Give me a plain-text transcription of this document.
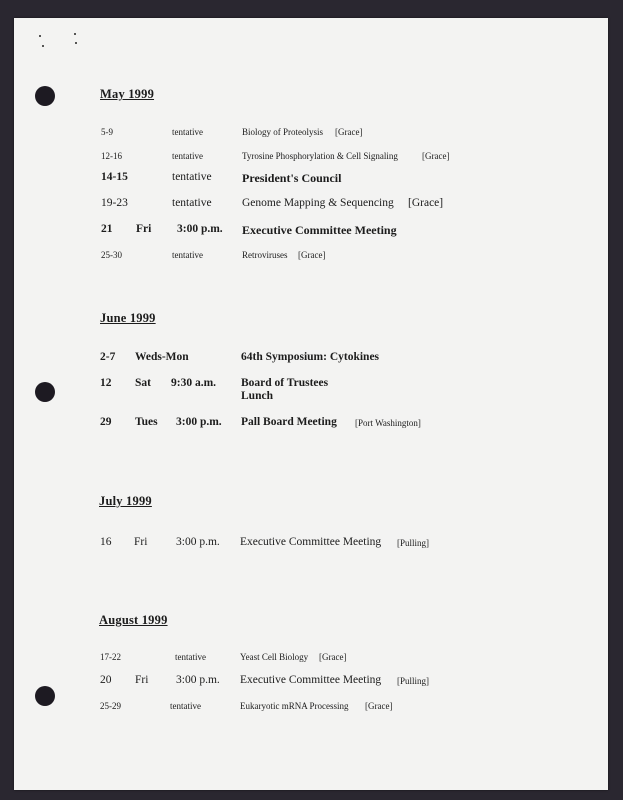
May 1999
5-9	tentative	Biology of Proteolysis [Grace]
12-16	tentative	Tyrosine Phosphorylation & Cell Signaling	[Grace]
14-15	tentative	President's Council
19-23	tentative	Genome Mapping & Sequencing [Grace]
21 Fri 3:00 p.m. Executive Committee Meeting
25-30	tentative	Retroviruses [Grace]
June 1999
2-7 Weds-Mon	64th Symposium: Cytokines
12 Sat 9:30 a.m. Board of Trustees
Lunch
29 Tues 3:00 p.m. Pall Board Meeting [Port Washington]
July 1999
16 Fri 3:00 p.m. Executive Committee Meeting [Pulling]
August 1999
17-22	tentative	Yeast Cell Biology [Grace]
20 Fri 3:00 p.m. Executive Committee Meeting [Pulling]
25-29	tentative	Eukaryotic mRNA Processing [Grace]
